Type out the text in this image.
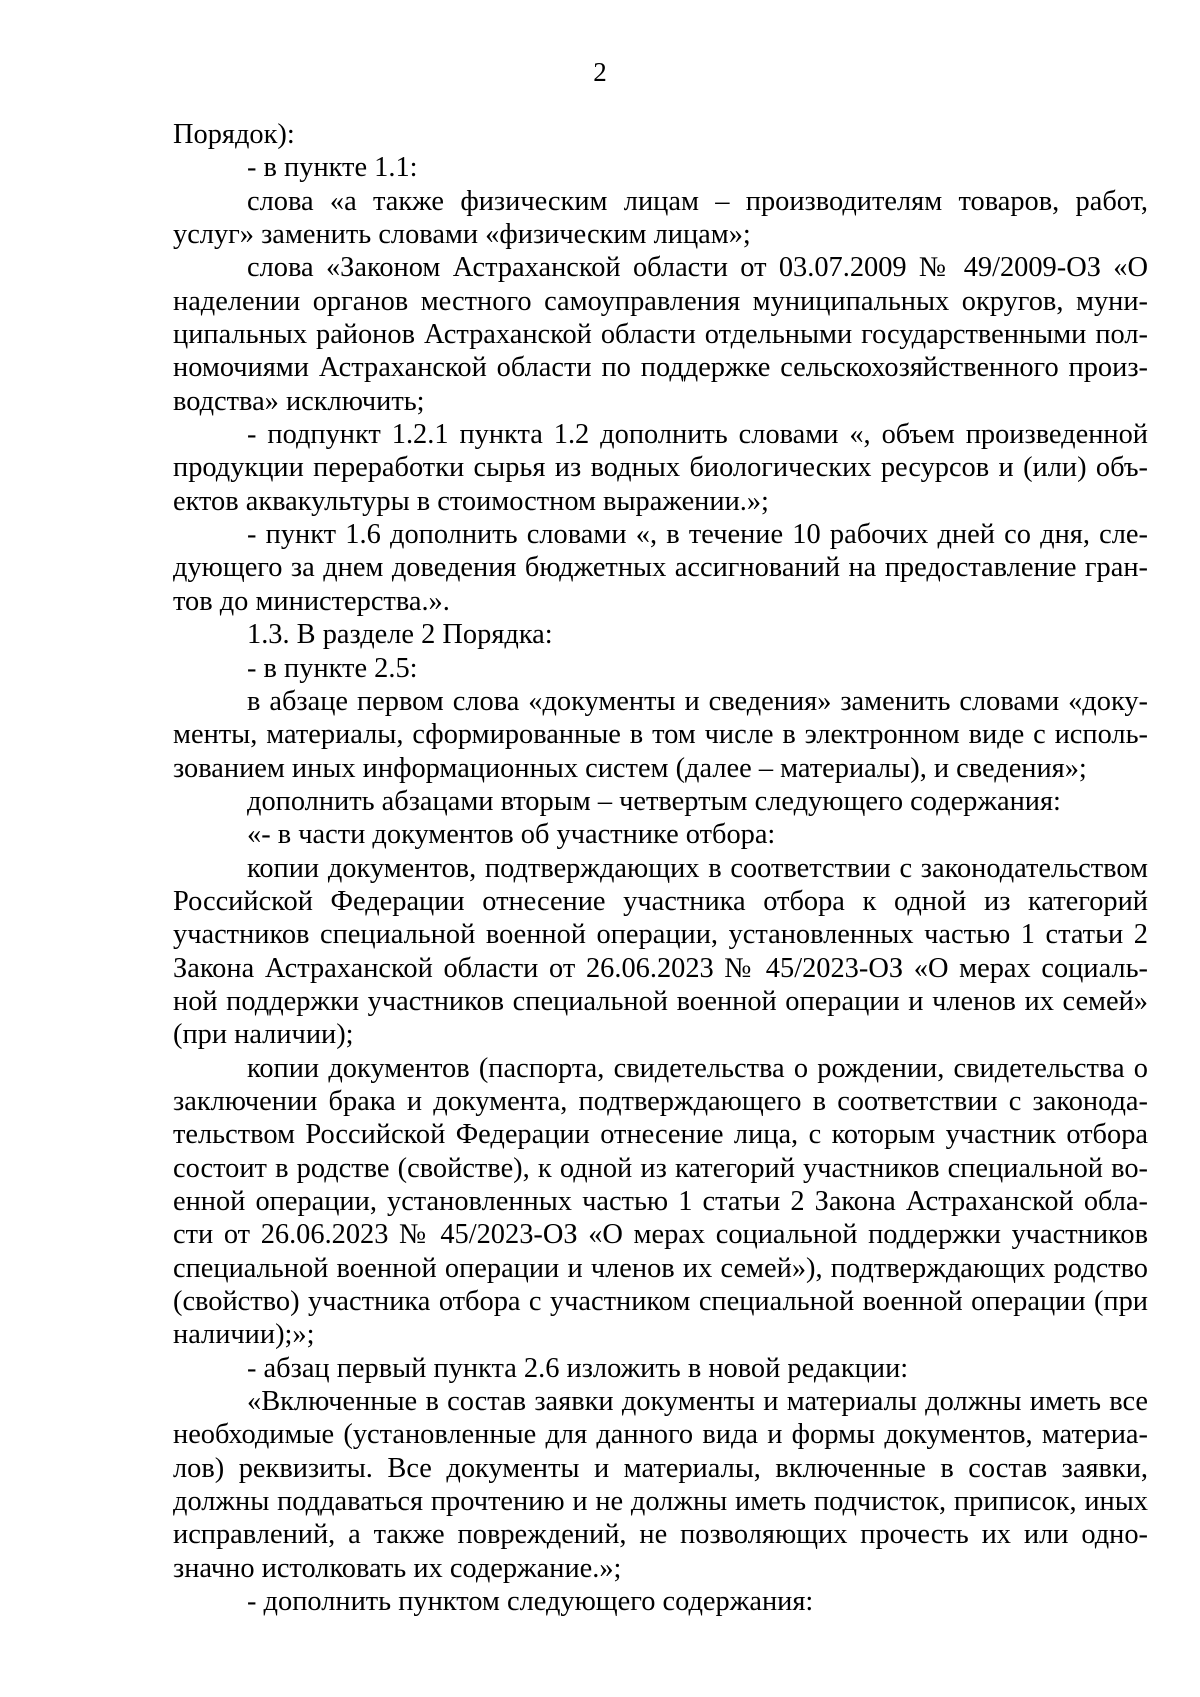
2
Порядок):
- в пункте 1.1:
слова «а также физическим лицам – производителям товаров, работ,
услуг» заменить словами «физическим лицам»;
слова «Законом Астраханской области от 03.07.2009 № 49/2009-ОЗ «О
наделении органов местного самоуправления муниципальных округов, муни-
ципальных районов Астраханской области отдельными государственными пол-
номочиями Астраханской области по поддержке сельскохозяйственного произ-
водства» исключить;
- подпункт 1.2.1 пункта 1.2 дополнить словами «, объем произведенной
продукции переработки сырья из водных биологических ресурсов и (или) объ-
ектов аквакультуры в стоимостном выражении.»;
- пункт 1.6 дополнить словами «, в течение 10 рабочих дней со дня, сле-
дующего за днем доведения бюджетных ассигнований на предоставление гран-
тов до министерства.».
1.3. В разделе 2 Порядка:
- в пункте 2.5:
в абзаце первом слова «документы и сведения» заменить словами «доку-
менты, материалы, сформированные в том числе в электронном виде с исполь-
зованием иных информационных систем (далее – материалы), и сведения»;
дополнить абзацами вторым – четвертым следующего содержания:
«- в части документов об участнике отбора:
копии документов, подтверждающих в соответствии с законодательством
Российской Федерации отнесение участника отбора к одной из категорий
участников специальной военной операции, установленных частью 1 статьи 2
Закона Астраханской области от 26.06.2023 № 45/2023-ОЗ «О мерах социаль-
ной поддержки участников специальной военной операции и членов их семей»
(при наличии);
копии документов (паспорта, свидетельства о рождении, свидетельства о
заключении брака и документа, подтверждающего в соответствии с законода-
тельством Российской Федерации отнесение лица, с которым участник отбора
состоит в родстве (свойстве), к одной из категорий участников специальной во-
енной операции, установленных частью 1 статьи 2 Закона Астраханской обла-
сти от 26.06.2023 № 45/2023-ОЗ «О мерах социальной поддержки участников
специальной военной операции и членов их семей»), подтверждающих родство
(свойство) участника отбора с участником специальной военной операции (при
наличии);»;
- абзац первый пункта 2.6 изложить в новой редакции:
«Включенные в состав заявки документы и материалы должны иметь все
необходимые (установленные для данного вида и формы документов, материа-
лов) реквизиты. Все документы и материалы, включенные в состав заявки,
должны поддаваться прочтению и не должны иметь подчисток, приписок, иных
исправлений, а также повреждений, не позволяющих прочесть их или одно-
значно истолковать их содержание.»;
- дополнить пунктом следующего содержания:
